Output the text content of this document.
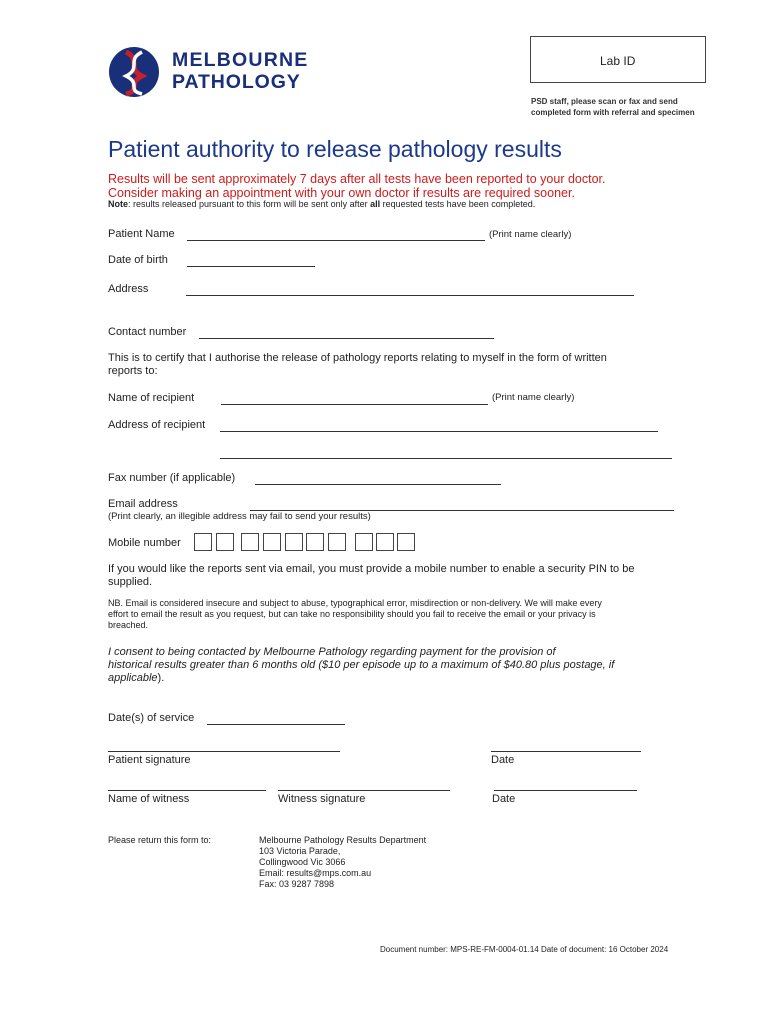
MELBOURNE
PATHOLOGY
Lab ID
PSD staff, please scan or fax and send
completed form with referral and specimen
Patient authority to release pathology results
Results will be sent approximately 7 days after all tests have been reported to your doctor.
Consider making an appointment with your own doctor if results are required sooner.
Note: results released pursuant to this form will be sent only after all requested tests have been completed.
Patient Name	(Print name clearly)
Date of birth
Address
Contact number
This is to certify that I authorise the release of pathology reports relating to myself in the form of written
reports to:
Name of recipient	(Print name clearly)
Address of recipient
Fax number (if applicable)
Email address
(Print clearly, an illegible address may fail to send your results)
Mobile number
If you would like the reports sent via email, you must provide a mobile number to enable a security PIN to be
supplied.
NB. Email is considered insecure and subject to abuse, typographical error, misdirection or non-delivery. We will make every
effort to email the result as you request, but can take no responsibility should you fail to receive the email or your privacy is
breached.
I consent to being contacted by Melbourne Pathology regarding payment for the provision of
historical results greater than 6 months old ($10 per episode up to a maximum of $40.80 plus postage, if
applicable).
Date(s) of service
Patient signature	Date
Name of witness	Witness signature	Date
Please return this form to:	Melbourne Pathology Results Department
103 Victoria Parade,
Collingwood Vic 3066
Email: results@mps.com.au
Fax: 03 9287 7898
Document number: MPS-RE-FM-0004-01.14 Date of document: 16 October 2024
